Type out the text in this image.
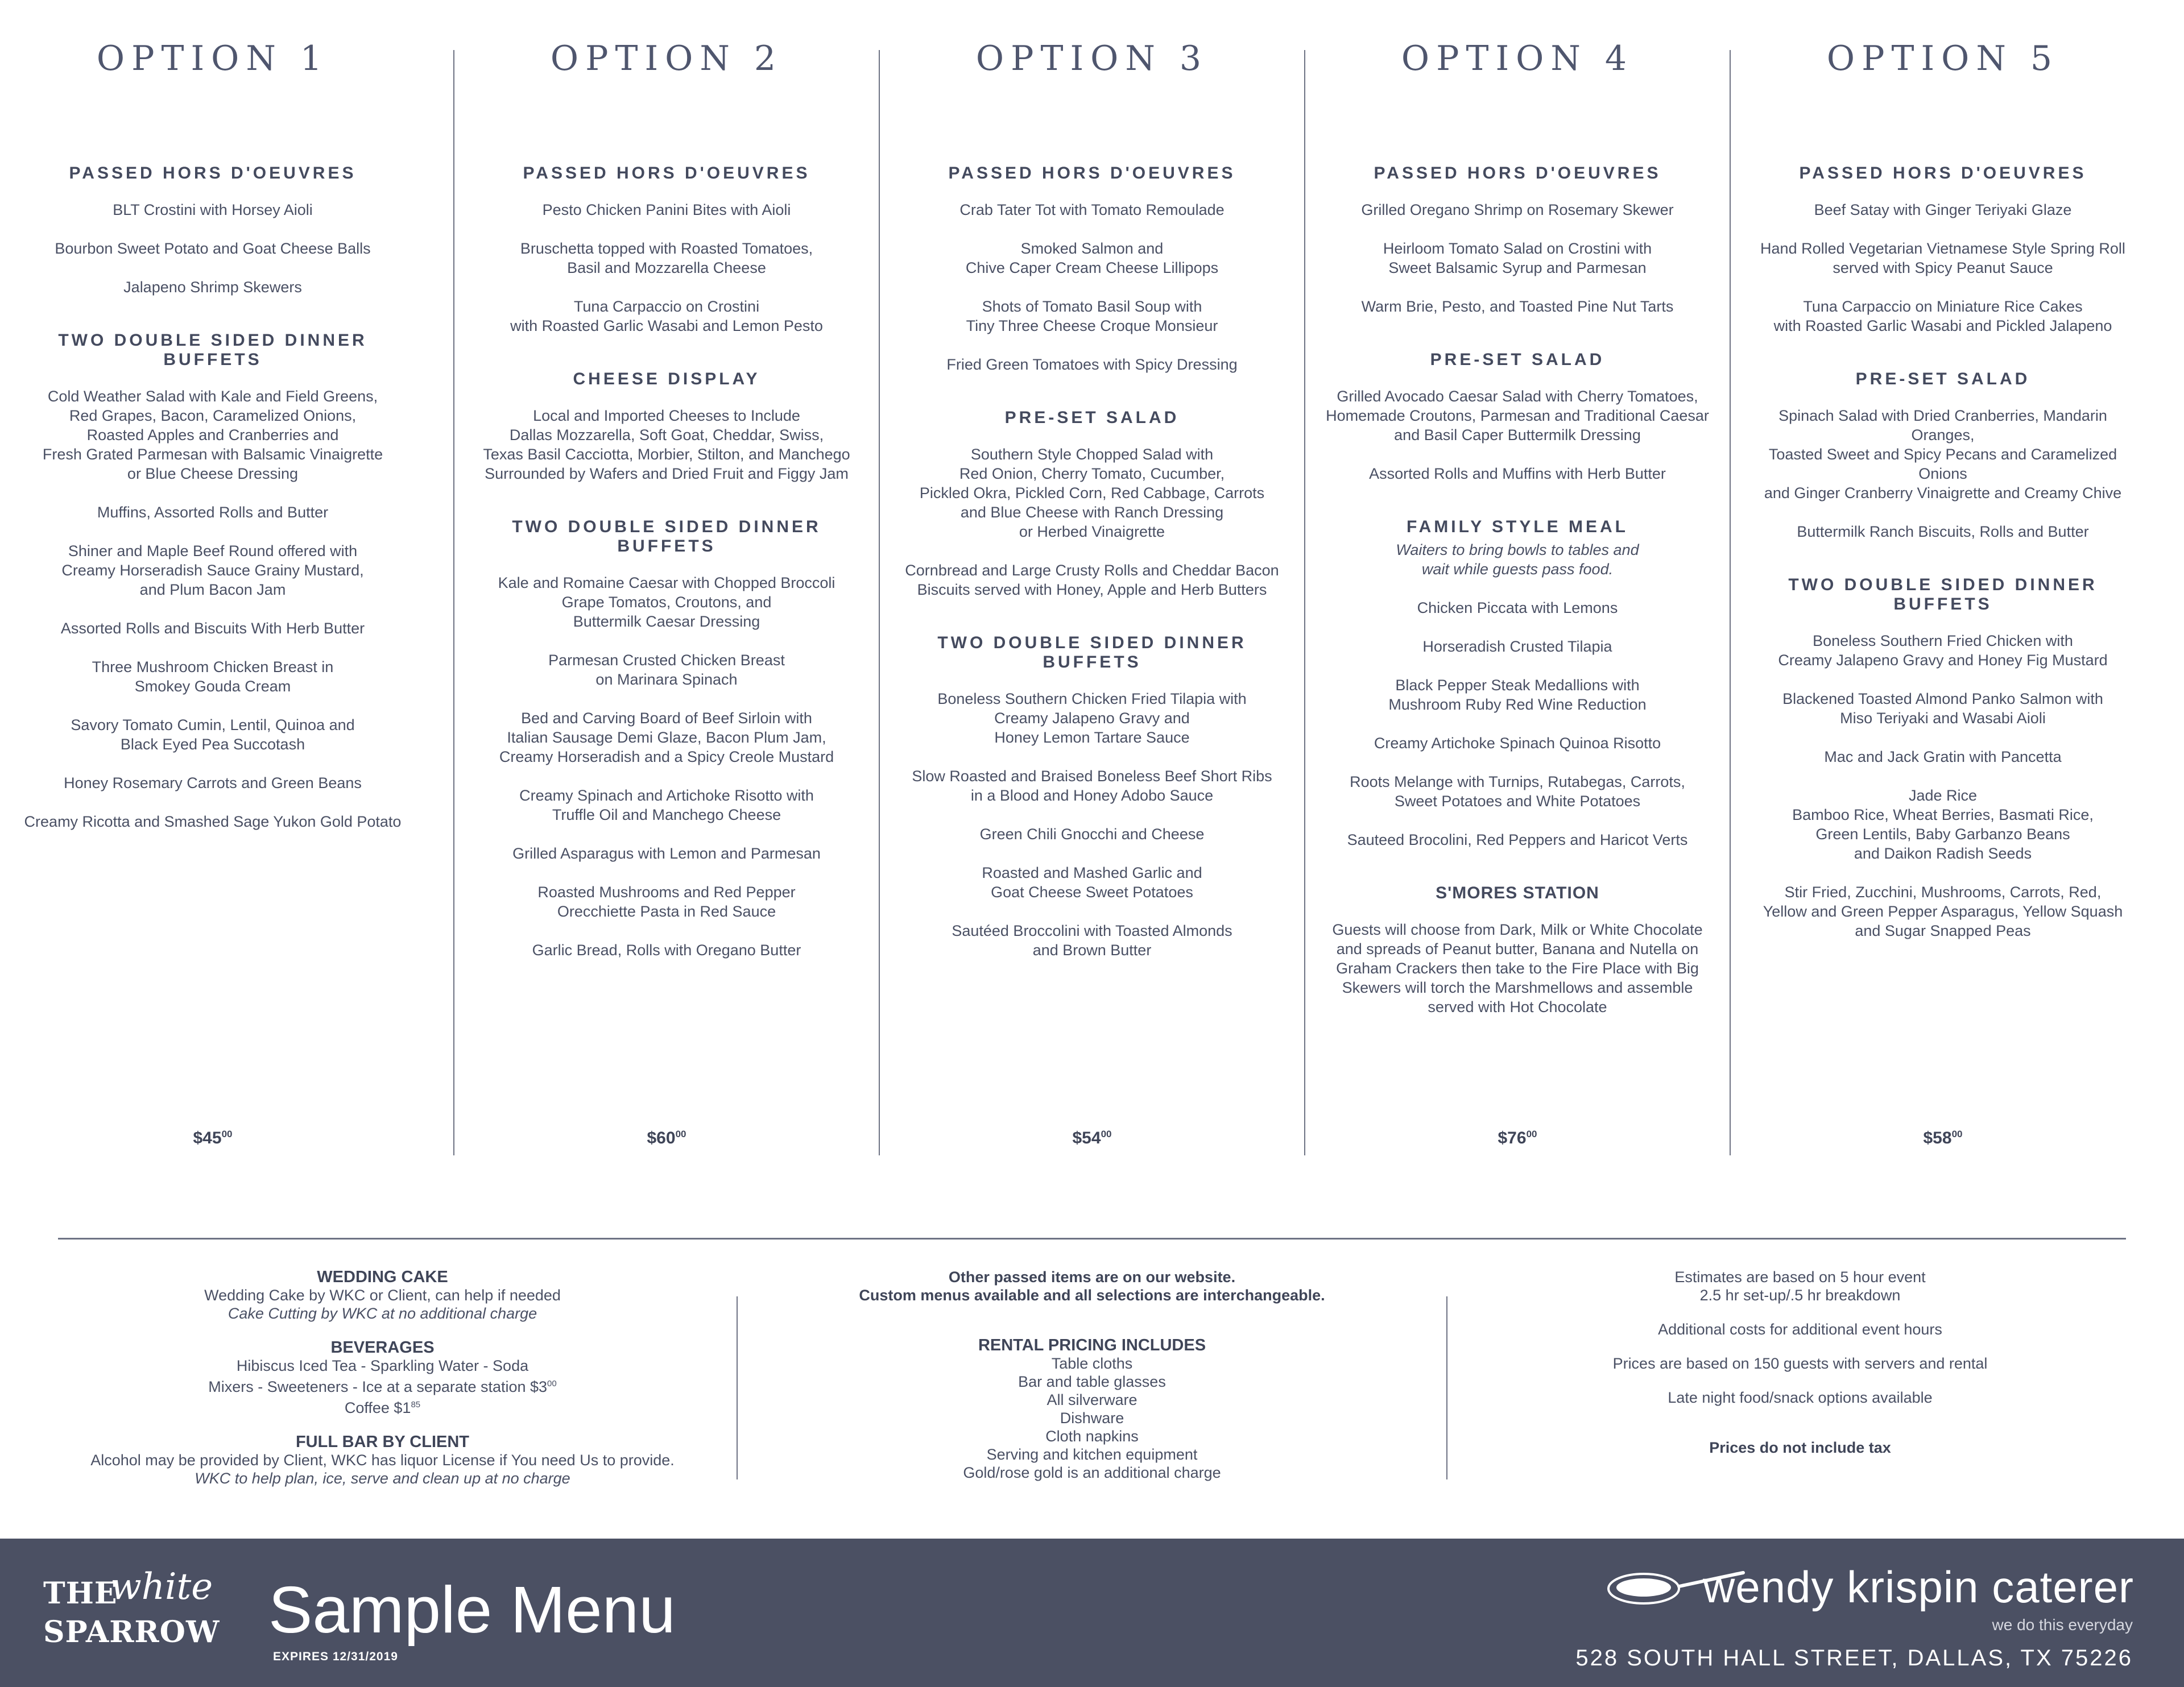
OPTION 1
PASSED HORS D'OEUVRES
BLT Crostini with Horsey Aioli
Bourbon Sweet Potato and Goat Cheese Balls
Jalapeno Shrimp Skewers
TWO DOUBLE SIDED DINNER BUFFETS
Cold Weather Salad with Kale and Field Greens,
Red Grapes, Bacon, Caramelized Onions,
Roasted Apples and Cranberries and
Fresh Grated Parmesan with Balsamic Vinaigrette
or Blue Cheese Dressing
Muffins, Assorted Rolls and Butter
Shiner and Maple Beef Round offered with
Creamy Horseradish Sauce Grainy Mustard,
and Plum Bacon Jam
Assorted Rolls and Biscuits With Herb Butter
Three Mushroom Chicken Breast in
Smokey Gouda Cream
Savory Tomato Cumin, Lentil, Quinoa and
Black Eyed Pea Succotash
Honey Rosemary Carrots and Green Beans
Creamy Ricotta and Smashed Sage Yukon Gold Potato
$\$45^{00}$
OPTION 2
PASSED HORS D'OEUVRES
Pesto Chicken Panini Bites with Aioli
Bruschetta topped with Roasted Tomatoes,
Basil and Mozzarella Cheese
Tuna Carpaccio on Crostini
with Roasted Garlic Wasabi and Lemon Pesto
CHEESE DISPLAY
Local and Imported Cheeses to Include
Dallas Mozzarella, Soft Goat, Cheddar, Swiss,
Texas Basil Cacciotta, Morbier, Stilton, and Manchego
Surrounded by Wafers and Dried Fruit and Figgy Jam
TWO DOUBLE SIDED DINNER BUFFETS
Kale and Romaine Caesar with Chopped Broccoli
Grape Tomatos, Croutons, and
Buttermilk Caesar Dressing
Parmesan Crusted Chicken Breast
on Marinara Spinach
Bed and Carving Board of Beef Sirloin with
Italian Sausage Demi Glaze, Bacon Plum Jam,
Creamy Horseradish and a Spicy Creole Mustard
Creamy Spinach and Artichoke Risotto with
Truffle Oil and Manchego Cheese
Grilled Asparagus with Lemon and Parmesan
Roasted Mushrooms and Red Pepper
Orecchiette Pasta in Red Sauce
Garlic Bread, Rolls with Oregano Butter
$\$60^{00}$
OPTION 3
PASSED HORS D'OEUVRES
Crab Tater Tot with Tomato Remoulade
Smoked Salmon and
Chive Caper Cream Cheese Lillipops
Shots of Tomato Basil Soup with
Tiny Three Cheese Croque Monsieur
Fried Green Tomatoes with Spicy Dressing
PRE-SET SALAD
Southern Style Chopped Salad with
Red Onion, Cherry Tomato, Cucumber,
Pickled Okra, Pickled Corn, Red Cabbage, Carrots
and Blue Cheese with Ranch Dressing
or Herbed Vinaigrette
Cornbread and Large Crusty Rolls and Cheddar Bacon
Biscuits served with Honey, Apple and Herb Butters
TWO DOUBLE SIDED DINNER BUFFETS
Boneless Southern Chicken Fried Tilapia with
Creamy Jalapeno Gravy and
Honey Lemon Tartare Sauce
Slow Roasted and Braised Boneless Beef Short Ribs
in a Blood and Honey Adobo Sauce
Green Chili Gnocchi and Cheese
Roasted and Mashed Garlic and
Goat Cheese Sweet Potatoes
Sautéed Broccolini with Toasted Almonds
and Brown Butter
$\$54^{00}$
OPTION 4
PASSED HORS D'OEUVRES
Grilled Oregano Shrimp on Rosemary Skewer
Heirloom Tomato Salad on Crostini with
Sweet Balsamic Syrup and Parmesan
Warm Brie, Pesto, and Toasted Pine Nut Tarts
PRE-SET SALAD
Grilled Avocado Caesar Salad with Cherry Tomatoes,
Homemade Croutons, Parmesan and Traditional Caesar
and Basil Caper Buttermilk Dressing
Assorted Rolls and Muffins with Herb Butter
FAMILY STYLE MEAL
Waiters to bring bowls to tables and
wait while guests pass food.
Chicken Piccata with Lemons
Horseradish Crusted Tilapia
Black Pepper Steak Medallions with
Mushroom Ruby Red Wine Reduction
Creamy Artichoke Spinach Quinoa Risotto
Roots Melange with Turnips, Rutabegas, Carrots,
Sweet Potatoes and White Potatoes
Sauteed Brocolini, Red Peppers and Haricot Verts
S'MORES STATION
Guests will choose from Dark, Milk or White Chocolate
and spreads of Peanut butter, Banana and Nutella on
Graham Crackers then take to the Fire Place with Big
Skewers will torch the Marshmellows and assemble
served with Hot Chocolate
$\$76^{00}$
OPTION 5
PASSED HORS D'OEUVRES
Beef Satay with Ginger Teriyaki Glaze
Hand Rolled Vegetarian Vietnamese Style Spring Roll
served with Spicy Peanut Sauce
Tuna Carpaccio on Miniature Rice Cakes
with Roasted Garlic Wasabi and Pickled Jalapeno
PRE-SET SALAD
Spinach Salad with Dried Cranberries, Mandarin Oranges,
Toasted Sweet and Spicy Pecans and Caramelized Onions
and Ginger Cranberry Vinaigrette and Creamy Chive
Buttermilk Ranch Biscuits, Rolls and Butter
TWO DOUBLE SIDED DINNER BUFFETS
Boneless Southern Fried Chicken with
Creamy Jalapeno Gravy and Honey Fig Mustard
Blackened Toasted Almond Panko Salmon with
Miso Teriyaki and Wasabi Aioli
Mac and Jack Gratin with Pancetta
Jade Rice
Bamboo Rice, Wheat Berries, Basmati Rice,
Green Lentils, Baby Garbanzo Beans
and Daikon Radish Seeds
Stir Fried, Zucchini, Mushrooms, Carrots, Red,
Yellow and Green Pepper Asparagus, Yellow Squash
and Sugar Snapped Peas
$\$58^{00}$
WEDDING CAKE
Wedding Cake by WKC or Client, can help if needed
Cake Cutting by WKC at no additional charge
BEVERAGES
Hibiscus Iced Tea - Sparkling Water - Soda
Mixers - Sweeteners - Ice at a separate station $\$3^{00}$
Coffee $\$1^{85}$
FULL BAR BY CLIENT
Alcohol may be provided by Client, WKC has liquor License if You need Us to provide.
WKC to help plan, ice, serve and clean up at no charge
Other passed items are on our website.
Custom menus available and all selections are interchangeable.
RENTAL PRICING INCLUDES
Table cloths
Bar and table glasses
All silverware
Dishware
Cloth napkins
Serving and kitchen equipment
Gold/rose gold is an additional charge
Estimates are based on 5 hour event
2.5 hr set-up/.5 hr breakdown
Additional costs for additional event hours
Prices are based on 150 guests with servers and rental
Late night food/snack options available
Prices do not include tax
THE
white
SPARROW Sample Menu
EXPIRES 12/31/2019
wendy krispin caterer
we do this everyday
528 SOUTH HALL STREET, DALLAS, TX 75226
